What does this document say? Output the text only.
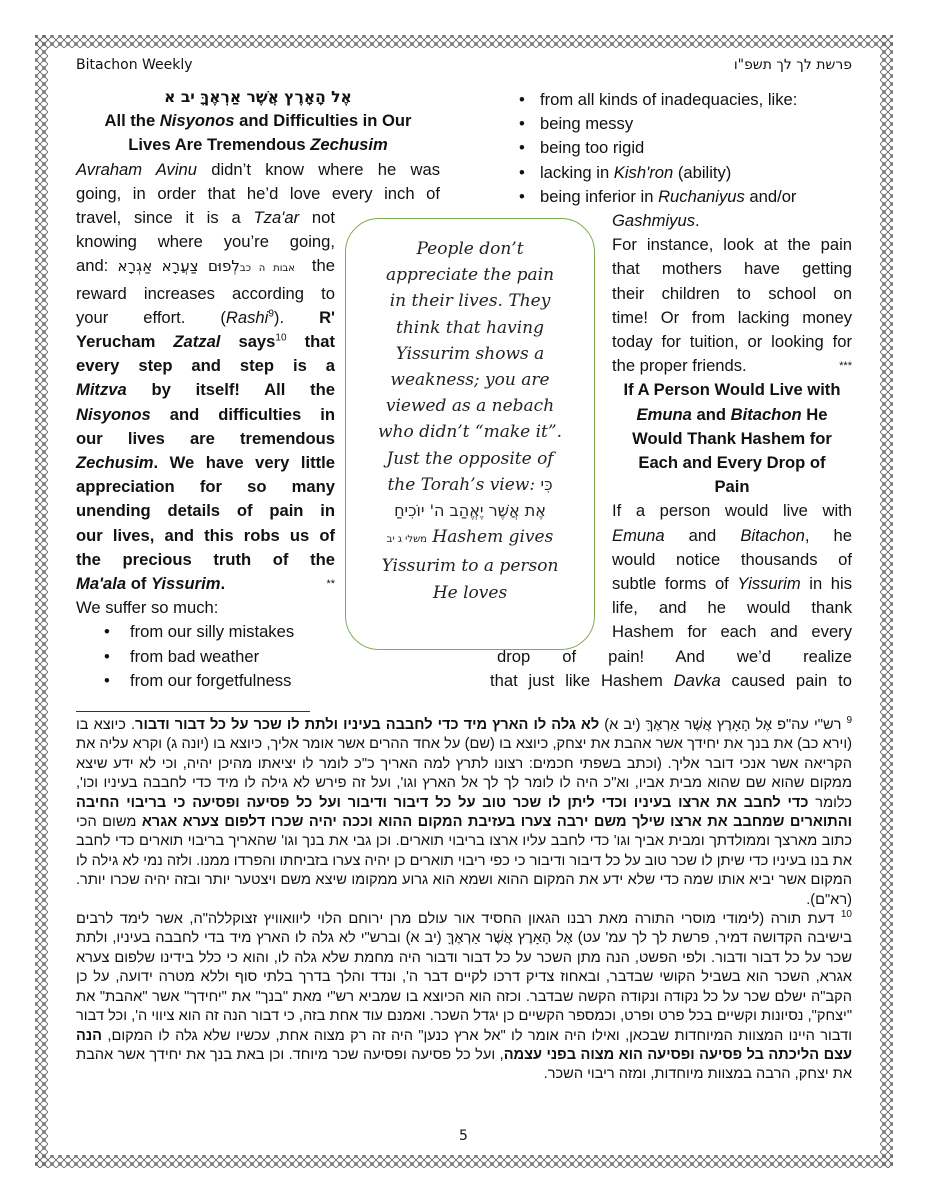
Bitachon Weekly	פרשת לך לך תשפ"ו
אֶל הָאָרֶץ אֲשֶׁר אַרְאֶךָּ יב א
All the Nisyonos and Difficulties in Our
Lives Are Tremendous Zechusim
Avraham Avinu didn’t know where he was
going, in order that he’d love every inch of
travel, since it is a Tza'ar not
knowing where you’re going,
and: לְפוּם צַעֲרָא אַגְרָא אבות ה כב the
reward increases according to
your effort. (Rashi$^9$). R'
Yerucham Zatzal says$^{10}$ that
every step and step is a
Mitzva by itself! All the
Nisyonos and difficulties in
our lives are tremendous
Zechusim. We have very little
appreciation for so many
unending details of pain in
our lives, and this robs us of
the precious truth of the
Ma'ala of Yissurim.	**
We suffer so much:
• from our silly mistakes
• from bad weather
• from our forgetfulness
• from all kinds of inadequacies, like:
• being messy
• being too rigid
• lacking in Kish'ron (ability)
• being inferior in Ruchaniyus and/or
Gashmiyus.
For instance, look at the pain
that mothers have getting
their children to school on
time! Or from lacking money
today for tuition, or looking for
the proper friends.	***
If A Person Would Live with
Emuna and Bitachon He
Would Thank Hashem for
Each and Every Drop of
Pain
If a person would live with
Emuna and Bitachon, he
would notice thousands of
subtle forms of Yissurim in his
life, and he would thank
Hashem for each and every
drop of pain! And we’d realize
that just like Hashem Davka caused pain to
People don’t
appreciate the pain
in their lives. They
think that having
Yissurim shows a
weakness; you are
viewed as a nebach
who didn’t “make it”.
Just the opposite of
the Torah’s view: כִּי
אֶת אֲשֶׁר יֶאֱהַב ה' יוֹכִיחַ
משלי ג יב Hashem gives
Yissurim to a person
He loves

$^9$ רש"י עה"פ אֶל הָאָרֶץ אֲשֶׁר אַרְאֶךָּ (יב א) לא גלה לו הארץ מיד כדי לחבבה בעיניו ולתת לו שכר על כל דבור ודבור. כיוצא בו (וירא כב) את בנך את יחידך אשר אהבת את יצחק, כיוצא בו (שם) על אחד ההרים אשר אומר אליך, כיוצא בו (יונה ג) וקרא עליה את הקריאה אשר אנכי דובר אליך. (וכתב בשפתי חכמים: רצונו לתרץ למה האריך כ"כ לומר לו יציאתו מהיכן יהיה, וכי לא ידע שיצא ממקום שהוא שם שהוא מבית אביו, וא"כ היה לו לומר לך לך אל הארץ וגו', ועל זה פירש לא גילה לו מיד כדי לחבבה בעיניו וכו', כלומר כדי לחבב את ארצו בעיניו וכדי ליתן לו שכר טוב על כל דיבור ודיבור ועל כל פסיעה ופסיעה כי בריבוי החיבה והתוארים שמחבב את ארצו שילך משם ירבה צערו בעזיבת המקום ההוא וככה יהיה שכרו דלפום צערא אגרא משום הכי כתוב מארצך וממולדתך ומבית אביך וגו' כדי לחבב עליו ארצו בריבוי תוארים. וכן גבי את בנך וגו' שהאריך בריבוי תוארים כדי לחבב את בנו בעיניו כדי שיתן לו שכר טוב על כל דיבור ודיבור כי כפי ריבוי תוארים כן יהיה צערו בזביחתו והפרדו ממנו. ולזה נמי לא גילה לו המקום אשר יביא אותו שמה כדי שלא ידע את המקום ההוא ושמא הוא גרוע ממקומו שיצא משם ויצטער יותר ובזה יהיה שכרו יותר. (רא"ם).

$^{10}$ דעת תורה (לימודי מוסרי התורה מאת רבנו הגאון החסיד אור עולם מרן ירוחם הלוי ליוואוויץ זצוקללה"ה, אשר לימד לרבים בישיבה הקדושה דמיר, פרשת לך לך עמ' עט) אֶל הָאָרֶץ אֲשֶׁר אַרְאֶךָּ (יב א) וברש"י לא גלה לו הארץ מיד בדי לחבבה בעיניו, ולתת שכר על כל דבור ודבור. ולפי הפשט, הנה מתן השכר על כל דבור ודבור היה מחמת שלא גלה לו, והוא כי כלל בידינו שלפום צערא אגרא, השכר הוא בשביל הקושי שבדבר, ובאחוז צדיק דרכו לקיים דבר ה', ונדד והלך בדרך בלתי סוף וללא מטרה ידועה, על כן הקב"ה ישלם שכר על כל נקודה ונקודה הקשה שבדבר. וכזה הוא הכיוצא בו שמביא רש"י מאת "בנך" את "יחידך" אשר "אהבת" את "יצחק", נסיונות וקשיים בכל פרט ופרט, וכמספר הקשיים כן יגדל השכר. ואמנם עוד אחת בזה, כי דבור הנה זה הוא ציווי ה', וכל דבור ודבור היינו המצוות המיוחדות שבכאן, ואילו היה אומר לו "אל ארץ כנען" היה זה רק מצוה אחת, עכשיו שלא גלה לו המקום, הנה עצם הליכתה בל פסיעה ופסיעה הוא מצוה בפני עצמה, ועל כל פסיעה ופסיעה שכר מיוחד. וכן באת בנך את יחידך אשר אהבת את יצחק, הרבה במצוות מיוחדות, ומזה ריבוי השכר.

5
